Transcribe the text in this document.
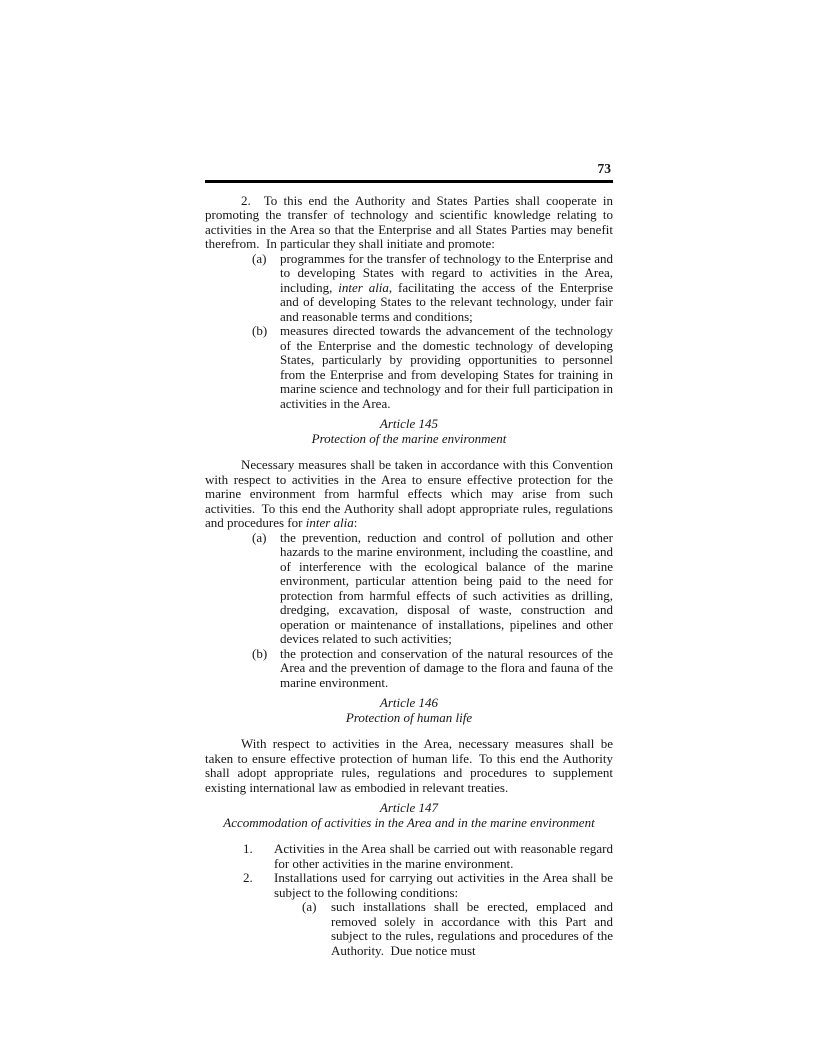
73

2. To this end the Authority and States Parties shall cooperate in promoting the transfer of technology and scientific knowledge relating to activities in the Area so that the Enterprise and all States Parties may benefit therefrom. In particular they shall initiate and promote:

(a)	programmes for the transfer of technology to the Enterprise and to developing States with regard to activities in the Area, including, inter alia, facilitating the access of the Enterprise and of developing States to the relevant technology, under fair and reasonable terms and conditions;
(b) measures directed towards the advancement of the technology of the Enterprise and the domestic technology of developing States, particularly by providing opportunities to personnel from the Enterprise and from developing States for training in marine science and technology and for their full participation in activities in the Area.
Article 145
Protection of the marine environment

Necessary measures shall be taken in accordance with this Convention with respect to activities in the Area to ensure effective protection for the marine environment from harmful effects which may arise from such activities. To this end the Authority shall adopt appropriate rules, regulations and procedures for inter alia:

(a)	the prevention, reduction and control of pollution and other hazards to the marine environment, including the coastline, and of interference with the ecological balance of the marine environment, particular attention being paid to the need for protection from harmful effects of such activities as drilling, dredging, excavation, disposal of waste, construction and operation or maintenance of installations, pipelines and other devices related to such activities;
(b) the protection and conservation of the natural resources of the Area and the prevention of damage to the flora and fauna of the marine environment.
Article 146
Protection of human life

With respect to activities in the Area, necessary measures shall be taken to ensure effective protection of human life. To this end the Authority shall adopt appropriate rules, regulations and procedures to supplement existing international law as embodied in relevant treaties.

Article 147
Accommodation of activities in the Area and in the marine environment
1.	Activities in the Area shall be carried out with reasonable regard for other activities in the marine environment.
2.	Installations used for carrying out activities in the Area shall be subject to the following conditions:
(a)	such installations shall be erected, emplaced and removed solely in accordance with this Part and subject to the rules, regulations and procedures of the Authority. Due notice must
